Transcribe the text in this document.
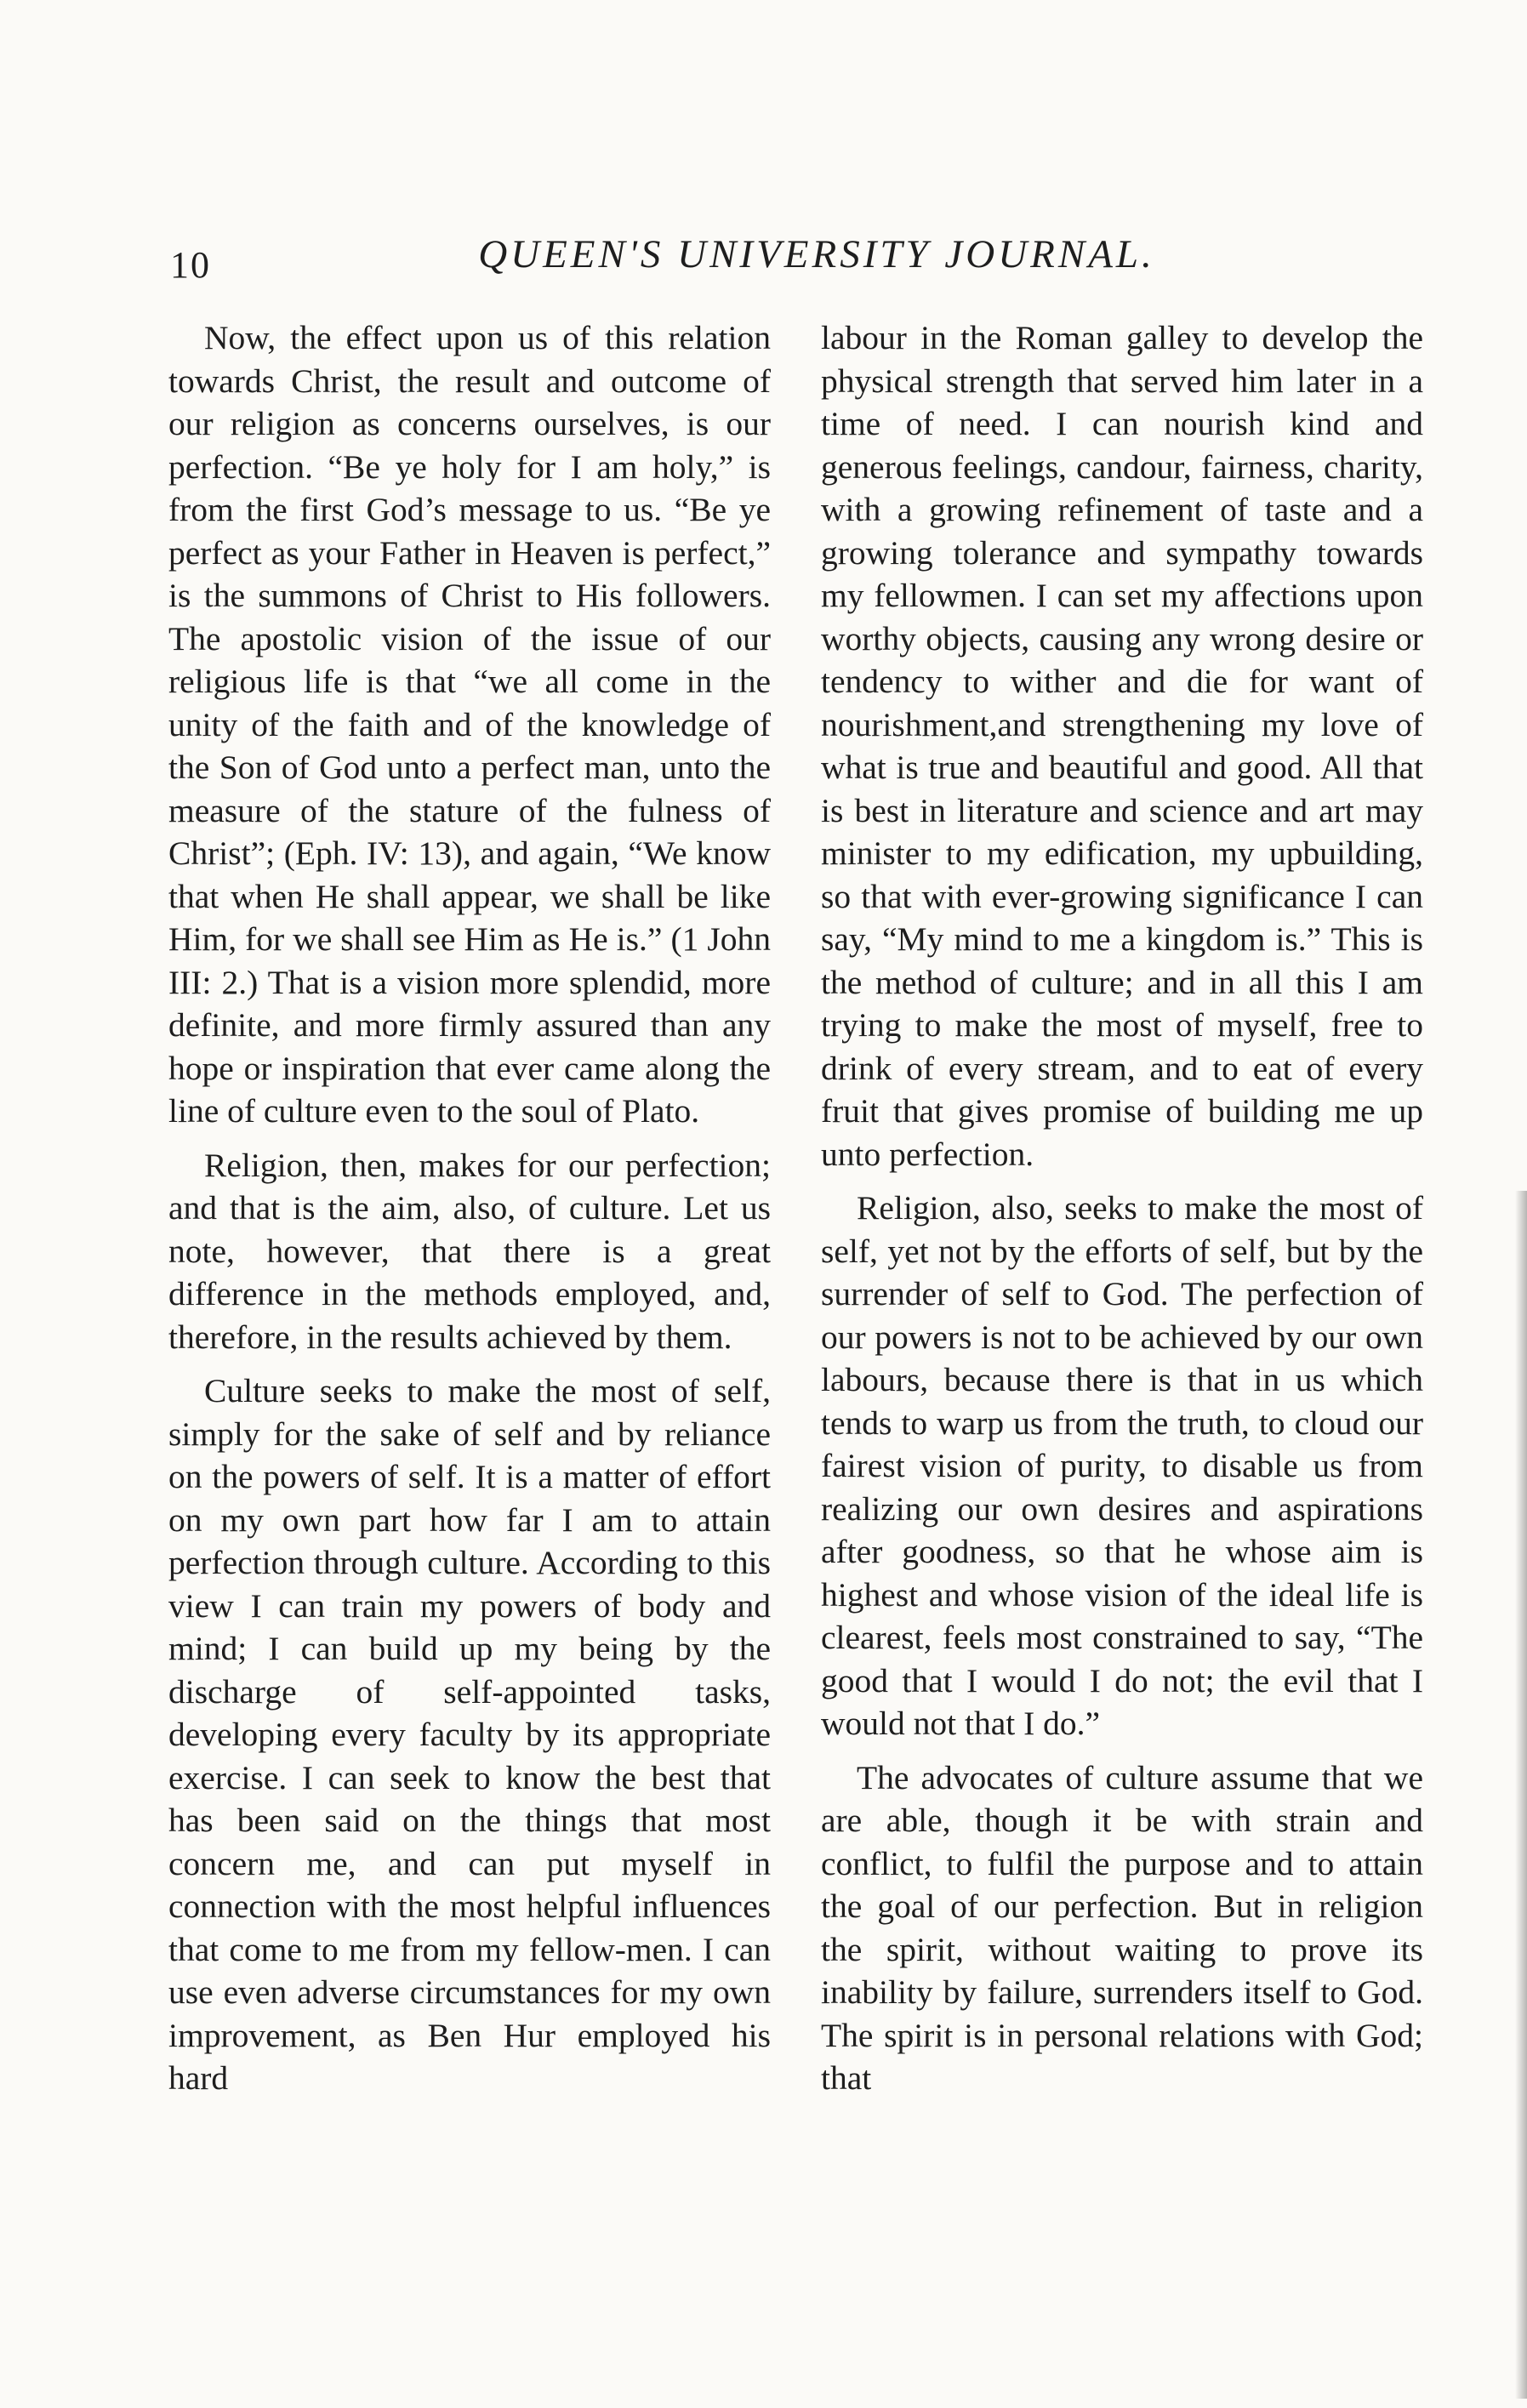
10	QUEEN'S UNIVERSITY JOURNAL.

Now, the effect upon us of this relation towards Christ, the result and outcome of our religion as concerns ourselves, is our perfection. “Be ye holy for I am holy,” is from the first God’s message to us. “Be ye perfect as your Father in Heaven is perfect,” is the summons of Christ to His followers. The apostolic vision of the issue of our religious life is that “we all come in the unity of the faith and of the knowledge of the Son of God unto a perfect man, unto the measure of the stature of the fulness of Christ”; (Eph. IV: 13), and again, “We know that when He shall appear, we shall be like Him, for we shall see Him as He is.” (1 John III: 2.) That is a vision more splendid, more definite, and more firmly assured than any hope or inspiration that ever came along the line of culture even to the soul of Plato.

Religion, then, makes for our perfection; and that is the aim, also, of culture. Let us note, however, that there is a great difference in the methods employed, and, therefore, in the results achieved by them.

Culture seeks to make the most of self, simply for the sake of self and by reliance on the powers of self. It is a matter of effort on my own part how far I am to attain perfection through culture. According to this view I can train my powers of body and mind; I can build up my being by the discharge of self-appointed tasks, developing every faculty by its appropriate exercise. I can seek to know the best that has been said on the things that most concern me, and can put myself in connection with the most helpful influences that come to me from my fellow-men. I can use even adverse circumstances for my own improvement, as Ben Hur employed his hard

labour in the Roman galley to develop the physical strength that served him later in a time of need. I can nourish kind and generous feelings, candour, fairness, charity, with a growing refinement of taste and a growing tolerance and sympathy towards my fellowmen. I can set my affections upon worthy objects, causing any wrong desire or tendency to wither and die for want of nourishment,and strengthening my love of what is true and beautiful and good. All that is best in literature and science and art may minister to my edification, my upbuilding, so that with ever-growing significance I can say, “My mind to me a kingdom is.” This is the method of culture; and in all this I am trying to make the most of myself, free to drink of every stream, and to eat of every fruit that gives promise of building me up unto perfection.

Religion, also, seeks to make the most of self, yet not by the efforts of self, but by the surrender of self to God. The perfection of our powers is not to be achieved by our own labours, because there is that in us which tends to warp us from the truth, to cloud our fairest vision of purity, to disable us from realizing our own desires and aspirations after goodness, so that he whose aim is highest and whose vision of the ideal life is clearest, feels most constrained to say, “The good that I would I do not; the evil that I would not that I do.”

The advocates of culture assume that we are able, though it be with strain and conflict, to fulfil the purpose and to attain the goal of our perfection. But in religion the spirit, without waiting to prove its inability by failure, surrenders itself to God. The spirit is in personal relations with God; that
